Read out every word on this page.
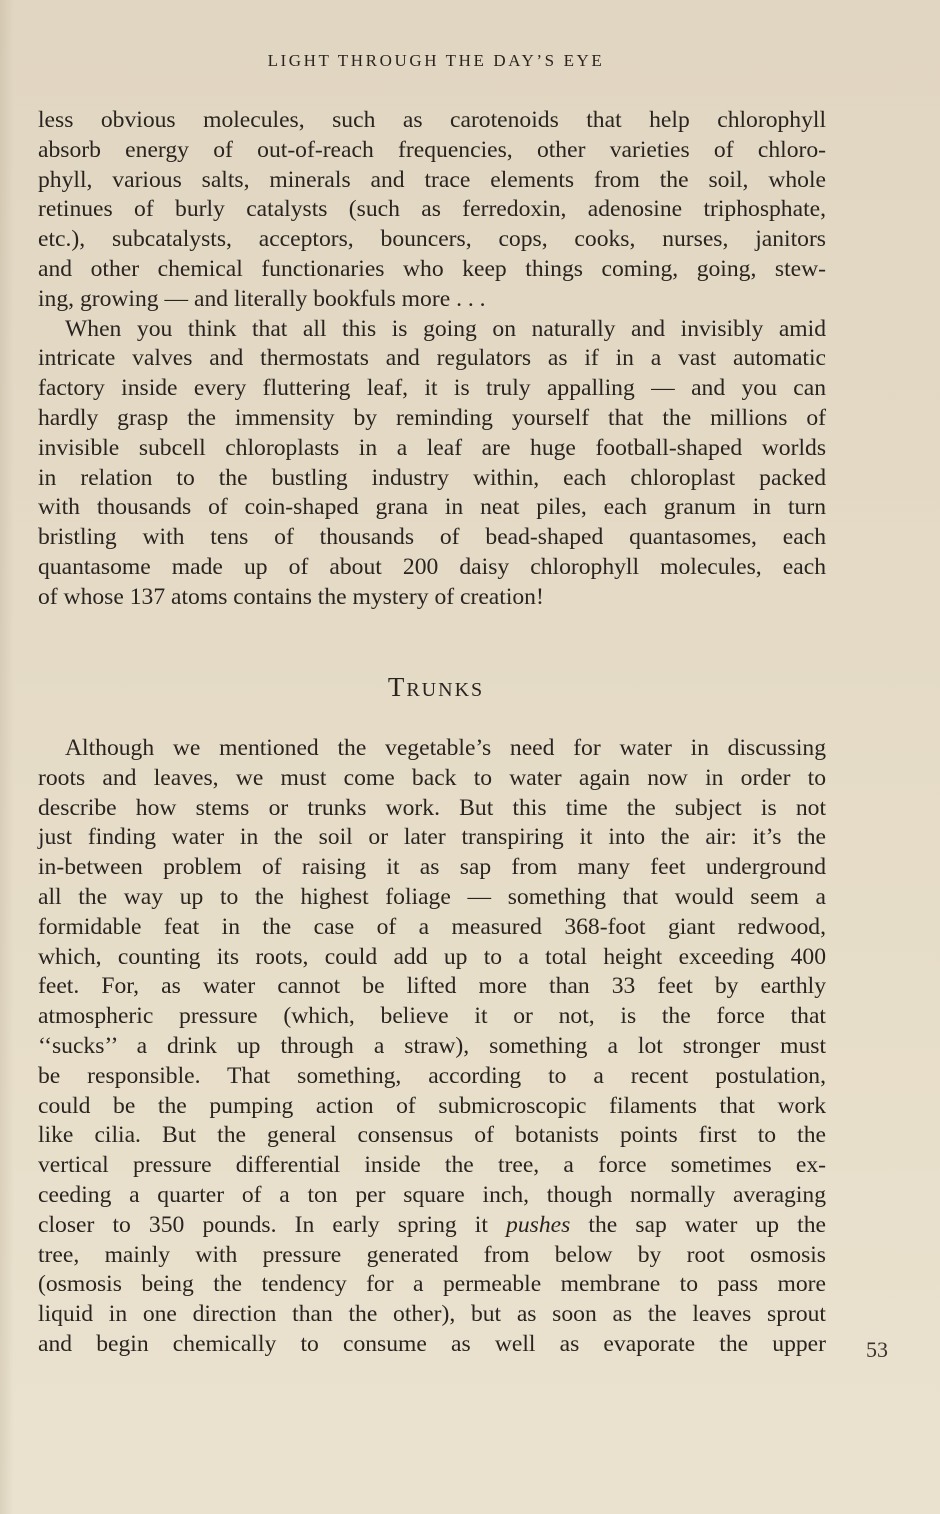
LIGHT THROUGH THE DAY’S EYE
less obvious molecules, such as carotenoids that help chlorophyll
absorb energy of out-of-reach frequencies, other varieties of chloro-
phyll, various salts, minerals and trace elements from the soil, whole
retinues of burly catalysts (such as ferredoxin, adenosine triphosphate,
etc.), subcatalysts, acceptors, bouncers, cops, cooks, nurses, janitors
and other chemical functionaries who keep things coming, going, stew-
ing, growing — and literally bookfuls more . . .
When you think that all this is going on naturally and invisibly amid
intricate valves and thermostats and regulators as if in a vast automatic
factory inside every fluttering leaf, it is truly appalling — and you can
hardly grasp the immensity by reminding yourself that the millions of
invisible subcell chloroplasts in a leaf are huge football-shaped worlds
in relation to the bustling industry within, each chloroplast packed
with thousands of coin-shaped grana in neat piles, each granum in turn
bristling with tens of thousands of bead-shaped quantasomes, each
quantasome made up of about 200 daisy chlorophyll molecules, each
of whose 137 atoms contains the mystery of creation!
TRUNKS
Although we mentioned the vegetable’s need for water in discussing
roots and leaves, we must come back to water again now in order to
describe how stems or trunks work. But this time the subject is not
just finding water in the soil or later transpiring it into the air: it’s the
in-between problem of raising it as sap from many feet underground
all the way up to the highest foliage — something that would seem a
formidable feat in the case of a measured 368-foot giant redwood,
which, counting its roots, could add up to a total height exceeding 400
feet. For, as water cannot be lifted more than 33 feet by earthly
atmospheric pressure (which, believe it or not, is the force that
‘‘sucks’’ a drink up through a straw), something a lot stronger must
be responsible. That something, according to a recent postulation,
could be the pumping action of submicroscopic filaments that work
like cilia. But the general consensus of botanists points first to the
vertical pressure differential inside the tree, a force sometimes ex-
ceeding a quarter of a ton per square inch, though normally averaging
closer to 350 pounds. In early spring it pushes the sap water up the
tree, mainly with pressure generated from below by root osmosis
(osmosis being the tendency for a permeable membrane to pass more
liquid in one direction than the other), but as soon as the leaves sprout
and begin chemically to consume as well as evaporate the upper 53
